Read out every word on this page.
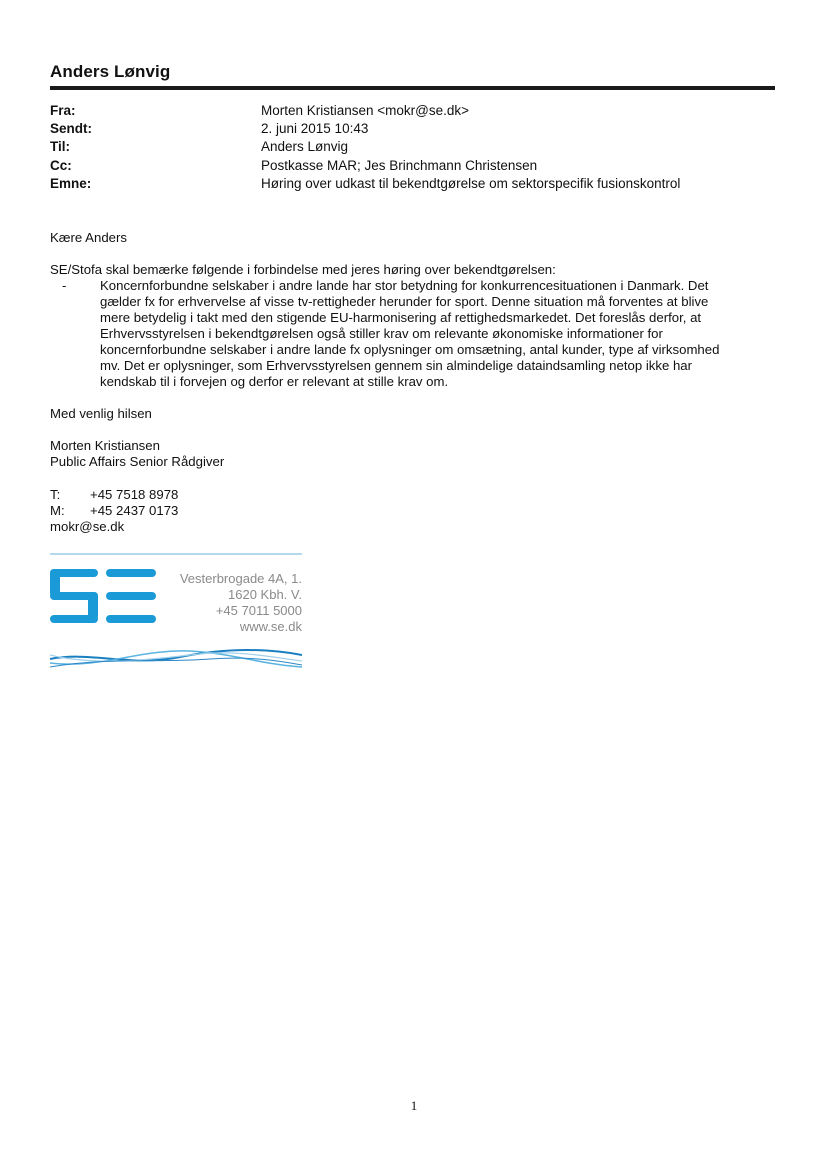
Anders Lønvig
Fra:	Morten Kristiansen <mokr@se.dk>
Sendt:	2. juni 2015 10:43
Til:	Anders Lønvig
Cc:	Postkasse MAR; Jes Brinchmann Christensen
Emne:	Høring over udkast til bekendtgørelse om sektorspecifik fusionskontrol

Kære Anders

SE/Stofa skal bemærke følgende i forbindelse med jeres høring over bekendtgørelsen:

-	Koncernforbundne selskaber i andre lande har stor betydning for konkurrencesituationen i Danmark. Det
gælder fx for erhvervelse af visse tv-rettigheder herunder for sport. Denne situation må forventes at blive
mere betydelig i takt med den stigende EU-harmonisering af rettighedsmarkedet. Det foreslås derfor, at
Erhvervsstyrelsen i bekendtgørelsen også stiller krav om relevante økonomiske informationer for
koncernforbundne selskaber i andre lande fx oplysninger om omsætning, antal kunder, type af virksomhed
mv. Det er oplysninger, som Erhvervsstyrelsen gennem sin almindelige dataindsamling netop ikke har
kendskab til i forvejen og derfor er relevant at stille krav om.

Med venlig hilsen

Morten Kristiansen

Public Affairs Senior Rådgiver

T: +45 7518 8978
M: +45 2437 0173

mokr@se.dk

Vesterbrogade 4A, 1.
1620 Kbh. V.
+45 7011 5000
www.se.dk
1
